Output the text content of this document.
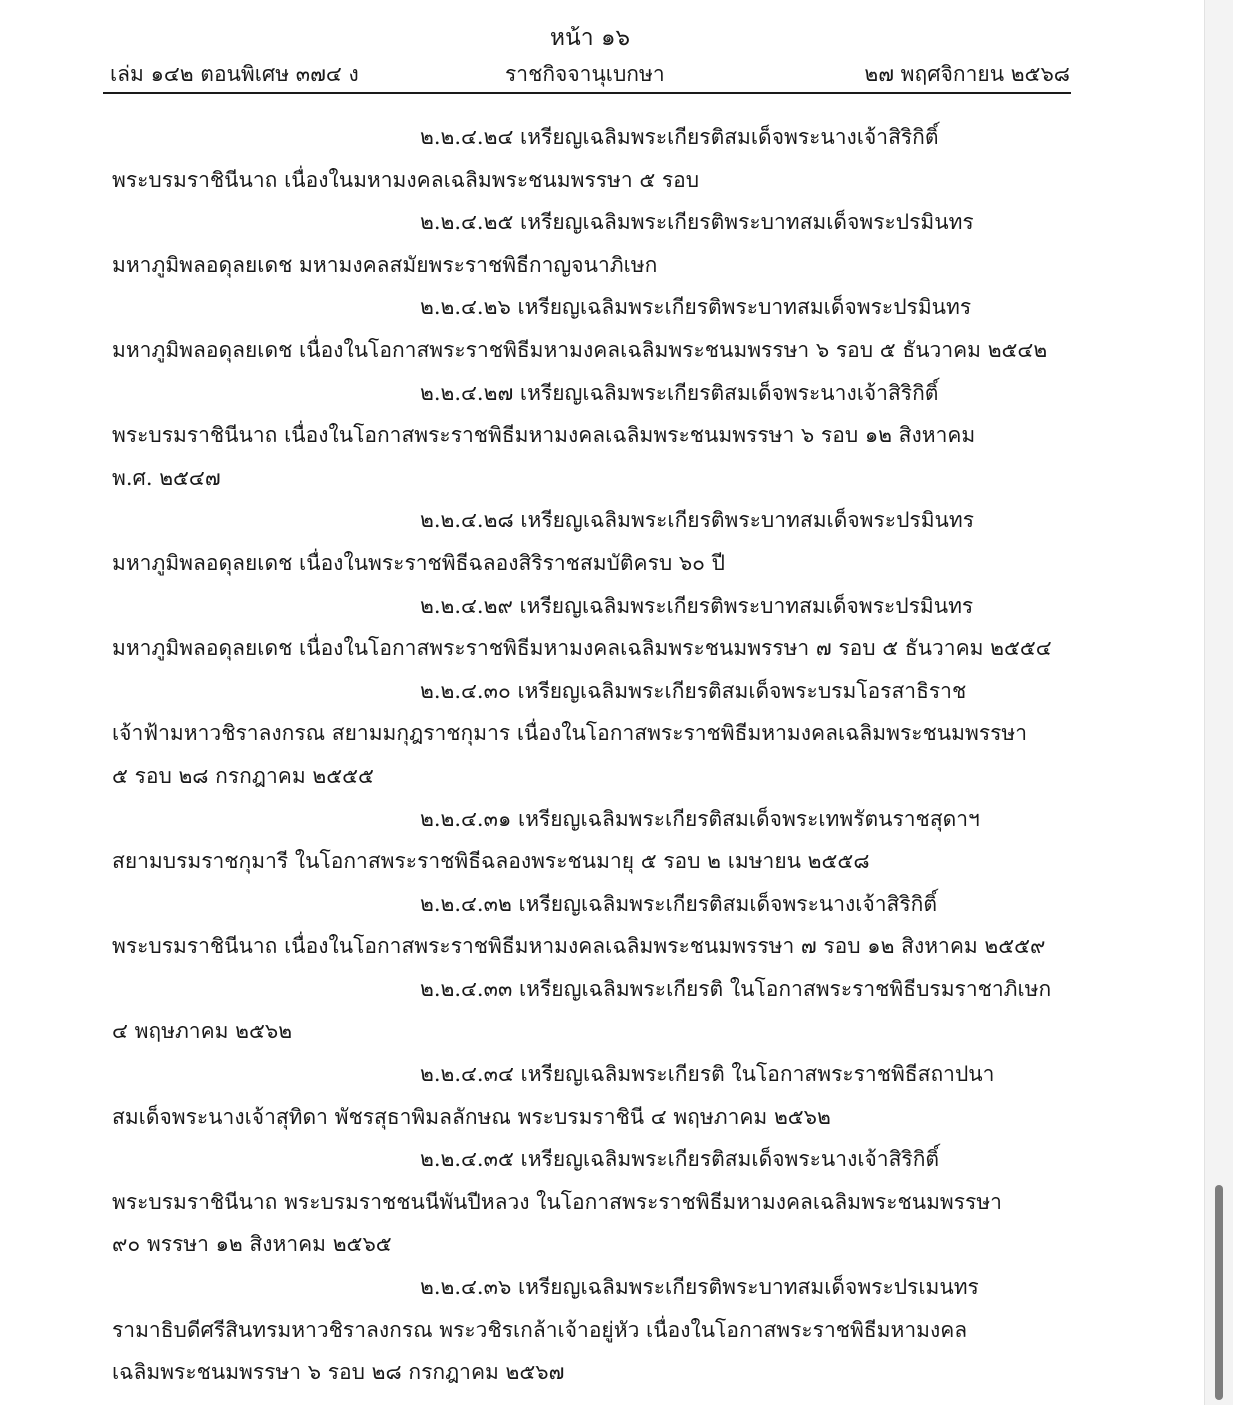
หน้า ๑๖
เล่ม ๑๔๒ ตอนพิเศษ ๓๗๔ ง	ราชกิจจานุเบกษา	๒๗ พฤศจิกายน ๒๕๖๘
๒.๒.๔.๒๔ เหรียญเฉลิมพระเกียรติสมเด็จพระนางเจ้าสิริกิติ์
พระบรมราชินีนาถ เนื่องในมหามงคลเฉลิมพระชนมพรรษา ๕ รอบ
๒.๒.๔.๒๕ เหรียญเฉลิมพระเกียรติพระบาทสมเด็จพระปรมินทร
มหาภูมิพลอดุลยเดช มหามงคลสมัยพระราชพิธีกาญจนาภิเษก
๒.๒.๔.๒๖ เหรียญเฉลิมพระเกียรติพระบาทสมเด็จพระปรมินทร
มหาภูมิพลอดุลยเดช เนื่องในโอกาสพระราชพิธีมหามงคลเฉลิมพระชนมพรรษา ๖ รอบ ๕ ธันวาคม ๒๕๔๒
๒.๒.๔.๒๗ เหรียญเฉลิมพระเกียรติสมเด็จพระนางเจ้าสิริกิติ์
พระบรมราชินีนาถ เนื่องในโอกาสพระราชพิธีมหามงคลเฉลิมพระชนมพรรษา ๖ รอบ ๑๒ สิงหาคม
พ.ศ. ๒๕๔๗
๒.๒.๔.๒๘ เหรียญเฉลิมพระเกียรติพระบาทสมเด็จพระปรมินทร
มหาภูมิพลอดุลยเดช เนื่องในพระราชพิธีฉลองสิริราชสมบัติครบ ๖๐ ปี
๒.๒.๔.๒๙ เหรียญเฉลิมพระเกียรติพระบาทสมเด็จพระปรมินทร
มหาภูมิพลอดุลยเดช เนื่องในโอกาสพระราชพิธีมหามงคลเฉลิมพระชนมพรรษา ๗ รอบ ๕ ธันวาคม ๒๕๕๔
๒.๒.๔.๓๐ เหรียญเฉลิมพระเกียรติสมเด็จพระบรมโอรสาธิราช
เจ้าฟ้ามหาวชิราลงกรณ สยามมกุฎราชกุมาร เนื่องในโอกาสพระราชพิธีมหามงคลเฉลิมพระชนมพรรษา
๕ รอบ ๒๘ กรกฎาคม ๒๕๕๕
๒.๒.๔.๓๑ เหรียญเฉลิมพระเกียรติสมเด็จพระเทพรัตนราชสุดาฯ
สยามบรมราชกุมารี ในโอกาสพระราชพิธีฉลองพระชนมายุ ๕ รอบ ๒ เมษายน ๒๕๕๘
๒.๒.๔.๓๒ เหรียญเฉลิมพระเกียรติสมเด็จพระนางเจ้าสิริกิติ์
พระบรมราชินีนาถ เนื่องในโอกาสพระราชพิธีมหามงคลเฉลิมพระชนมพรรษา ๗ รอบ ๑๒ สิงหาคม ๒๕๕๙
๒.๒.๔.๓๓ เหรียญเฉลิมพระเกียรติ ในโอกาสพระราชพิธีบรมราชาภิเษก
๔ พฤษภาคม ๒๕๖๒
๒.๒.๔.๓๔ เหรียญเฉลิมพระเกียรติ ในโอกาสพระราชพิธีสถาปนา
สมเด็จพระนางเจ้าสุทิดา พัชรสุธาพิมลลักษณ พระบรมราชินี ๔ พฤษภาคม ๒๕๖๒
๒.๒.๔.๓๕ เหรียญเฉลิมพระเกียรติสมเด็จพระนางเจ้าสิริกิติ์
พระบรมราชินีนาถ พระบรมราชชนนีพันปีหลวง ในโอกาสพระราชพิธีมหามงคลเฉลิมพระชนมพรรษา
๙๐ พรรษา ๑๒ สิงหาคม ๒๕๖๕
๒.๒.๔.๓๖ เหรียญเฉลิมพระเกียรติพระบาทสมเด็จพระปรเมนทร
รามาธิบดีศรีสินทรมหาวชิราลงกรณ พระวชิรเกล้าเจ้าอยู่หัว เนื่องในโอกาสพระราชพิธีมหามงคล
เฉลิมพระชนมพรรษา ๖ รอบ ๒๘ กรกฎาคม ๒๕๖๗
